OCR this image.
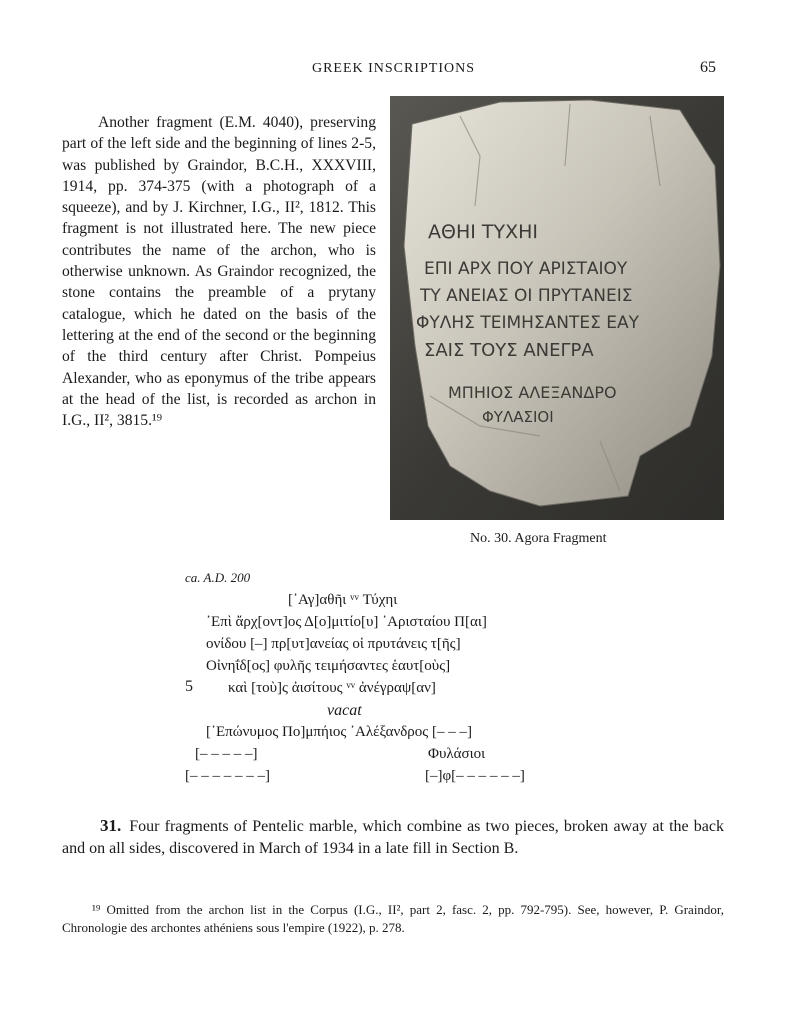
GREEK INSCRIPTIONS	65

Another fragment (E.M. 4040), preserving part of the left side and the beginning of lines 2-5, was published by Graindor, B.C.H., XXXVIII, 1914, pp. 374-375 (with a photograph of a squeeze), and by J. Kirchner, I.G., II², 1812. This fragment is not illustrated here. The new piece contributes the name of the archon, who is otherwise unknown. As Graindor recognized, the stone contains the preamble of a prytany catalogue, which he dated on the basis of the lettering at the end of the second or the beginning of the third century after Christ. Pompeius Alexander, who as eponymus of the tribe appears at the head of the list, is recorded as archon in I.G., II², 3815.¹⁹

ΑΘΗΙ ΤΥΧΗΙ
ΕΠΙ ΑΡΧ ΠΟΥ ΑΡΙΣΤΑΙΟΥ
ΤΥ ΑΝΕΙΑΣ ΟΙ ΠΡΥΤΑΝΕΙΣ
ΦΥΛΗΣ ΤΕΙΜΗΣΑΝΤΕΣ ΕΑΥ
ΣΑΙΣ ΤΟΥΣ ΑΝΕΓΡΑ
ΜΠΗΙΟΣ ΑΛΕΞΑΝΔΡΟ
ΦΥΛΑΣΙΟΙ
No. 30. Agora Fragment
ca. A.D. 200
[᾿Αγ]αθῆι ᵛᵛ Τύχηι
᾿Επὶ ἄρχ[οντ]ος Δ[ο]μιτίο[υ] ᾿Αρισταίου Π[αι]
ονίδου [–] πρ[υτ]ανείας οἱ πρυτάνεις τ[ῆς]
Οἰνηΐδ[ος] φυλῆς τειμήσαντες ἑαυτ[οὺς]
5 καὶ [τοὺ]ς ἀισίτους ᵛᵛ ἀνέγραψ[αν]
vacat
[᾿Επώνυμος Πο]μπήιος ᾿Αλέξανδρος [– – –]
[– – – – –]	Φυλάσιοι
[– – – – – – –]	[–]φ[– – – – – –]
31. Four fragments of Pentelic marble, which combine as two pieces, broken away at the back and on all sides, discovered in March of 1934 in a late fill in Section B.
¹⁹ Omitted from the archon list in the Corpus (I.G., II², part 2, fasc. 2, pp. 792-795). See, however, P. Graindor, Chronologie des archontes athéniens sous l'empire (1922), p. 278.
